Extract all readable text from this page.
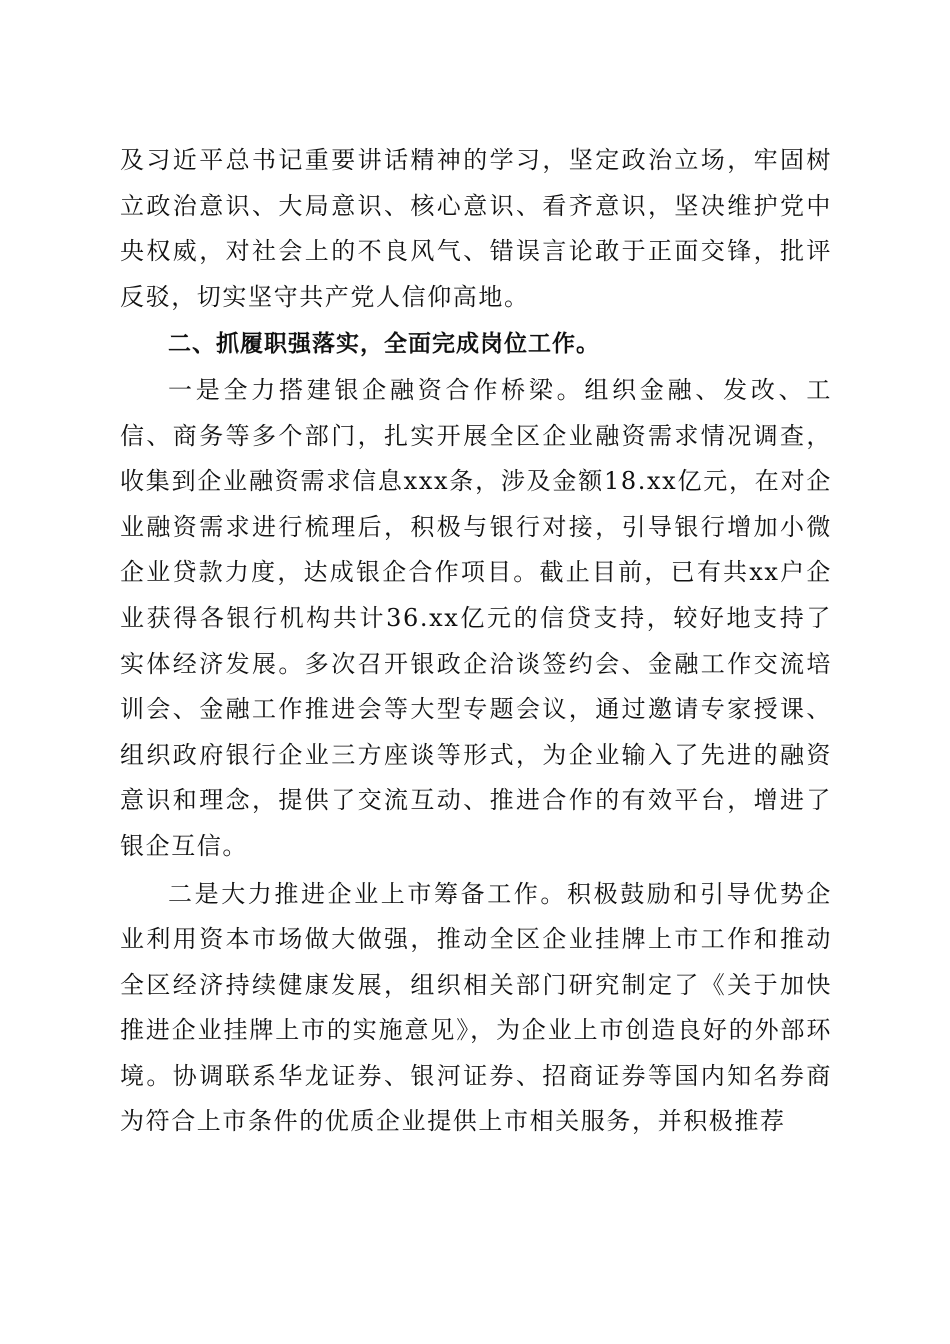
及习近平总书记重要讲话精神的学习，坚定政治立场，牢固树立政治意识、大局意识、核心意识、看齐意识，坚决维护党中央权威，对社会上的不良风气、错误言论敢于正面交锋，批评反驳，切实坚守共产党人信仰高地。

二、抓履职强落实，全面完成岗位工作。

一是全力搭建银企融资合作桥梁。组织金融、发改、工信、商务等多个部门，扎实开展全区企业融资需求情况调查，收集到企业融资需求信息xxx条，涉及金额18.xx亿元，在对企业融资需求进行梳理后，积极与银行对接，引导银行增加小微企业贷款力度，达成银企合作项目。截止目前，已有共xx户企业获得各银行机构共计36.xx亿元的信贷支持，较好地支持了实体经济发展。多次召开银政企洽谈签约会、金融工作交流培训会、金融工作推进会等大型专题会议，通过邀请专家授课、组织政府银行企业三方座谈等形式，为企业输入了先进的融资意识和理念，提供了交流互动、推进合作的有效平台，增进了银企互信。

二是大力推进企业上市筹备工作。积极鼓励和引导优势企业利用资本市场做大做强，推动全区企业挂牌上市工作和推动全区经济持续健康发展，组织相关部门研究制定了《关于加快推进企业挂牌上市的实施意见》，为企业上市创造良好的外部环境。协调联系华龙证券、银河证券、招商证券等国内知名券商为符合上市条件的优质企业提供上市相关服务，并积极推荐
